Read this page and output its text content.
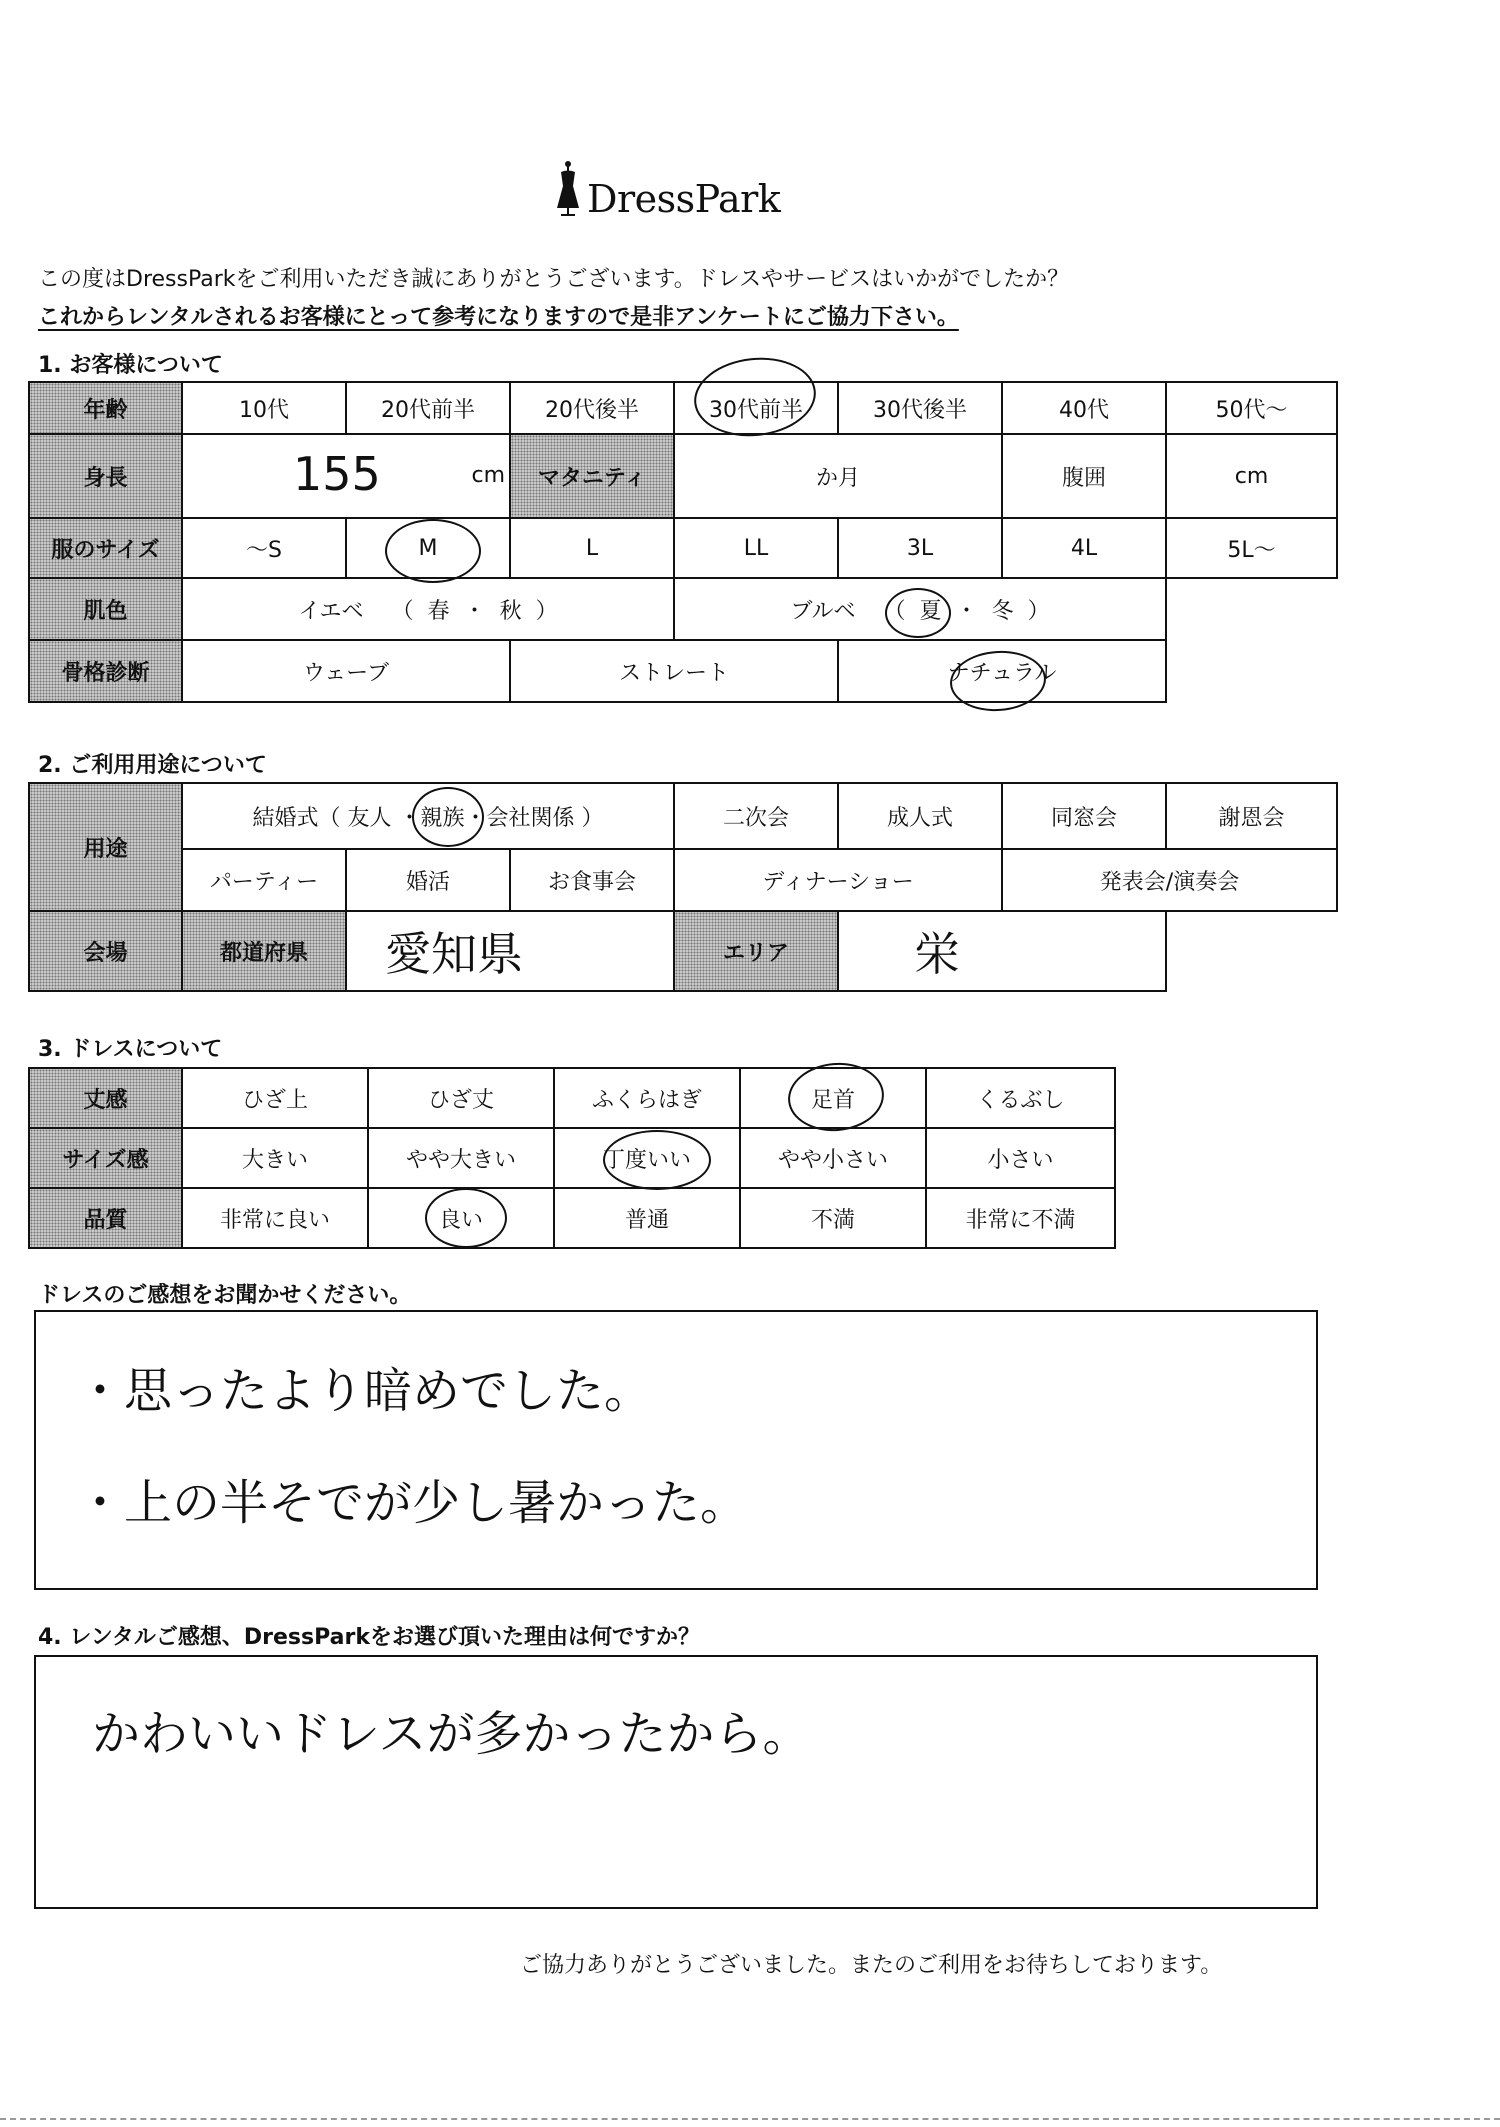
DressPark
この度はDressParkをご利用いただき誠にありがとうございます。ドレスやサービスはいかがでしたか？
これからレンタルされるお客様にとって参考になりますので是非アンケートにご協力下さい。
1. お客様について
年齢	10代	20代前半	20代後半	30代前半	30代後半	40代	50代〜
身長	155 cm		マタニティ	か月		腹囲	cm
服のサイズ	〜S	M	L	LL	3L	4L	5L〜
肌色	イエベ （ 春 ・ 秋 ）			ブルベ （ 夏 ・ 冬 ）			
骨格診断	ウェーブ		ストレート		ナチュラル		
2. ご利用用途について
用途	結婚式（ 友人 ・親族・会社関係 ）			二次会	成人式	同窓会	謝恩会
	パーティー	婚活	お食事会	ディナーショー		発表会/演奏会	
会場	都道府県	愛知県		エリア	栄		
3. ドレスについて
丈感	ひざ上	ひざ丈	ふくらはぎ	足首	くるぶし
サイズ感	大きい	やや大きい	丁度いい	やや小さい	小さい
品質	非常に良い	良い	普通	不満	非常に不満
ドレスのご感想をお聞かせください。
・思ったより暗めでした。
・上の半そでが少し暑かった。
4. レンタルご感想、DressParkをお選び頂いた理由は何ですか？
かわいいドレスが多かったから。
ご協力ありがとうございました。またのご利用をお待ちしております。
